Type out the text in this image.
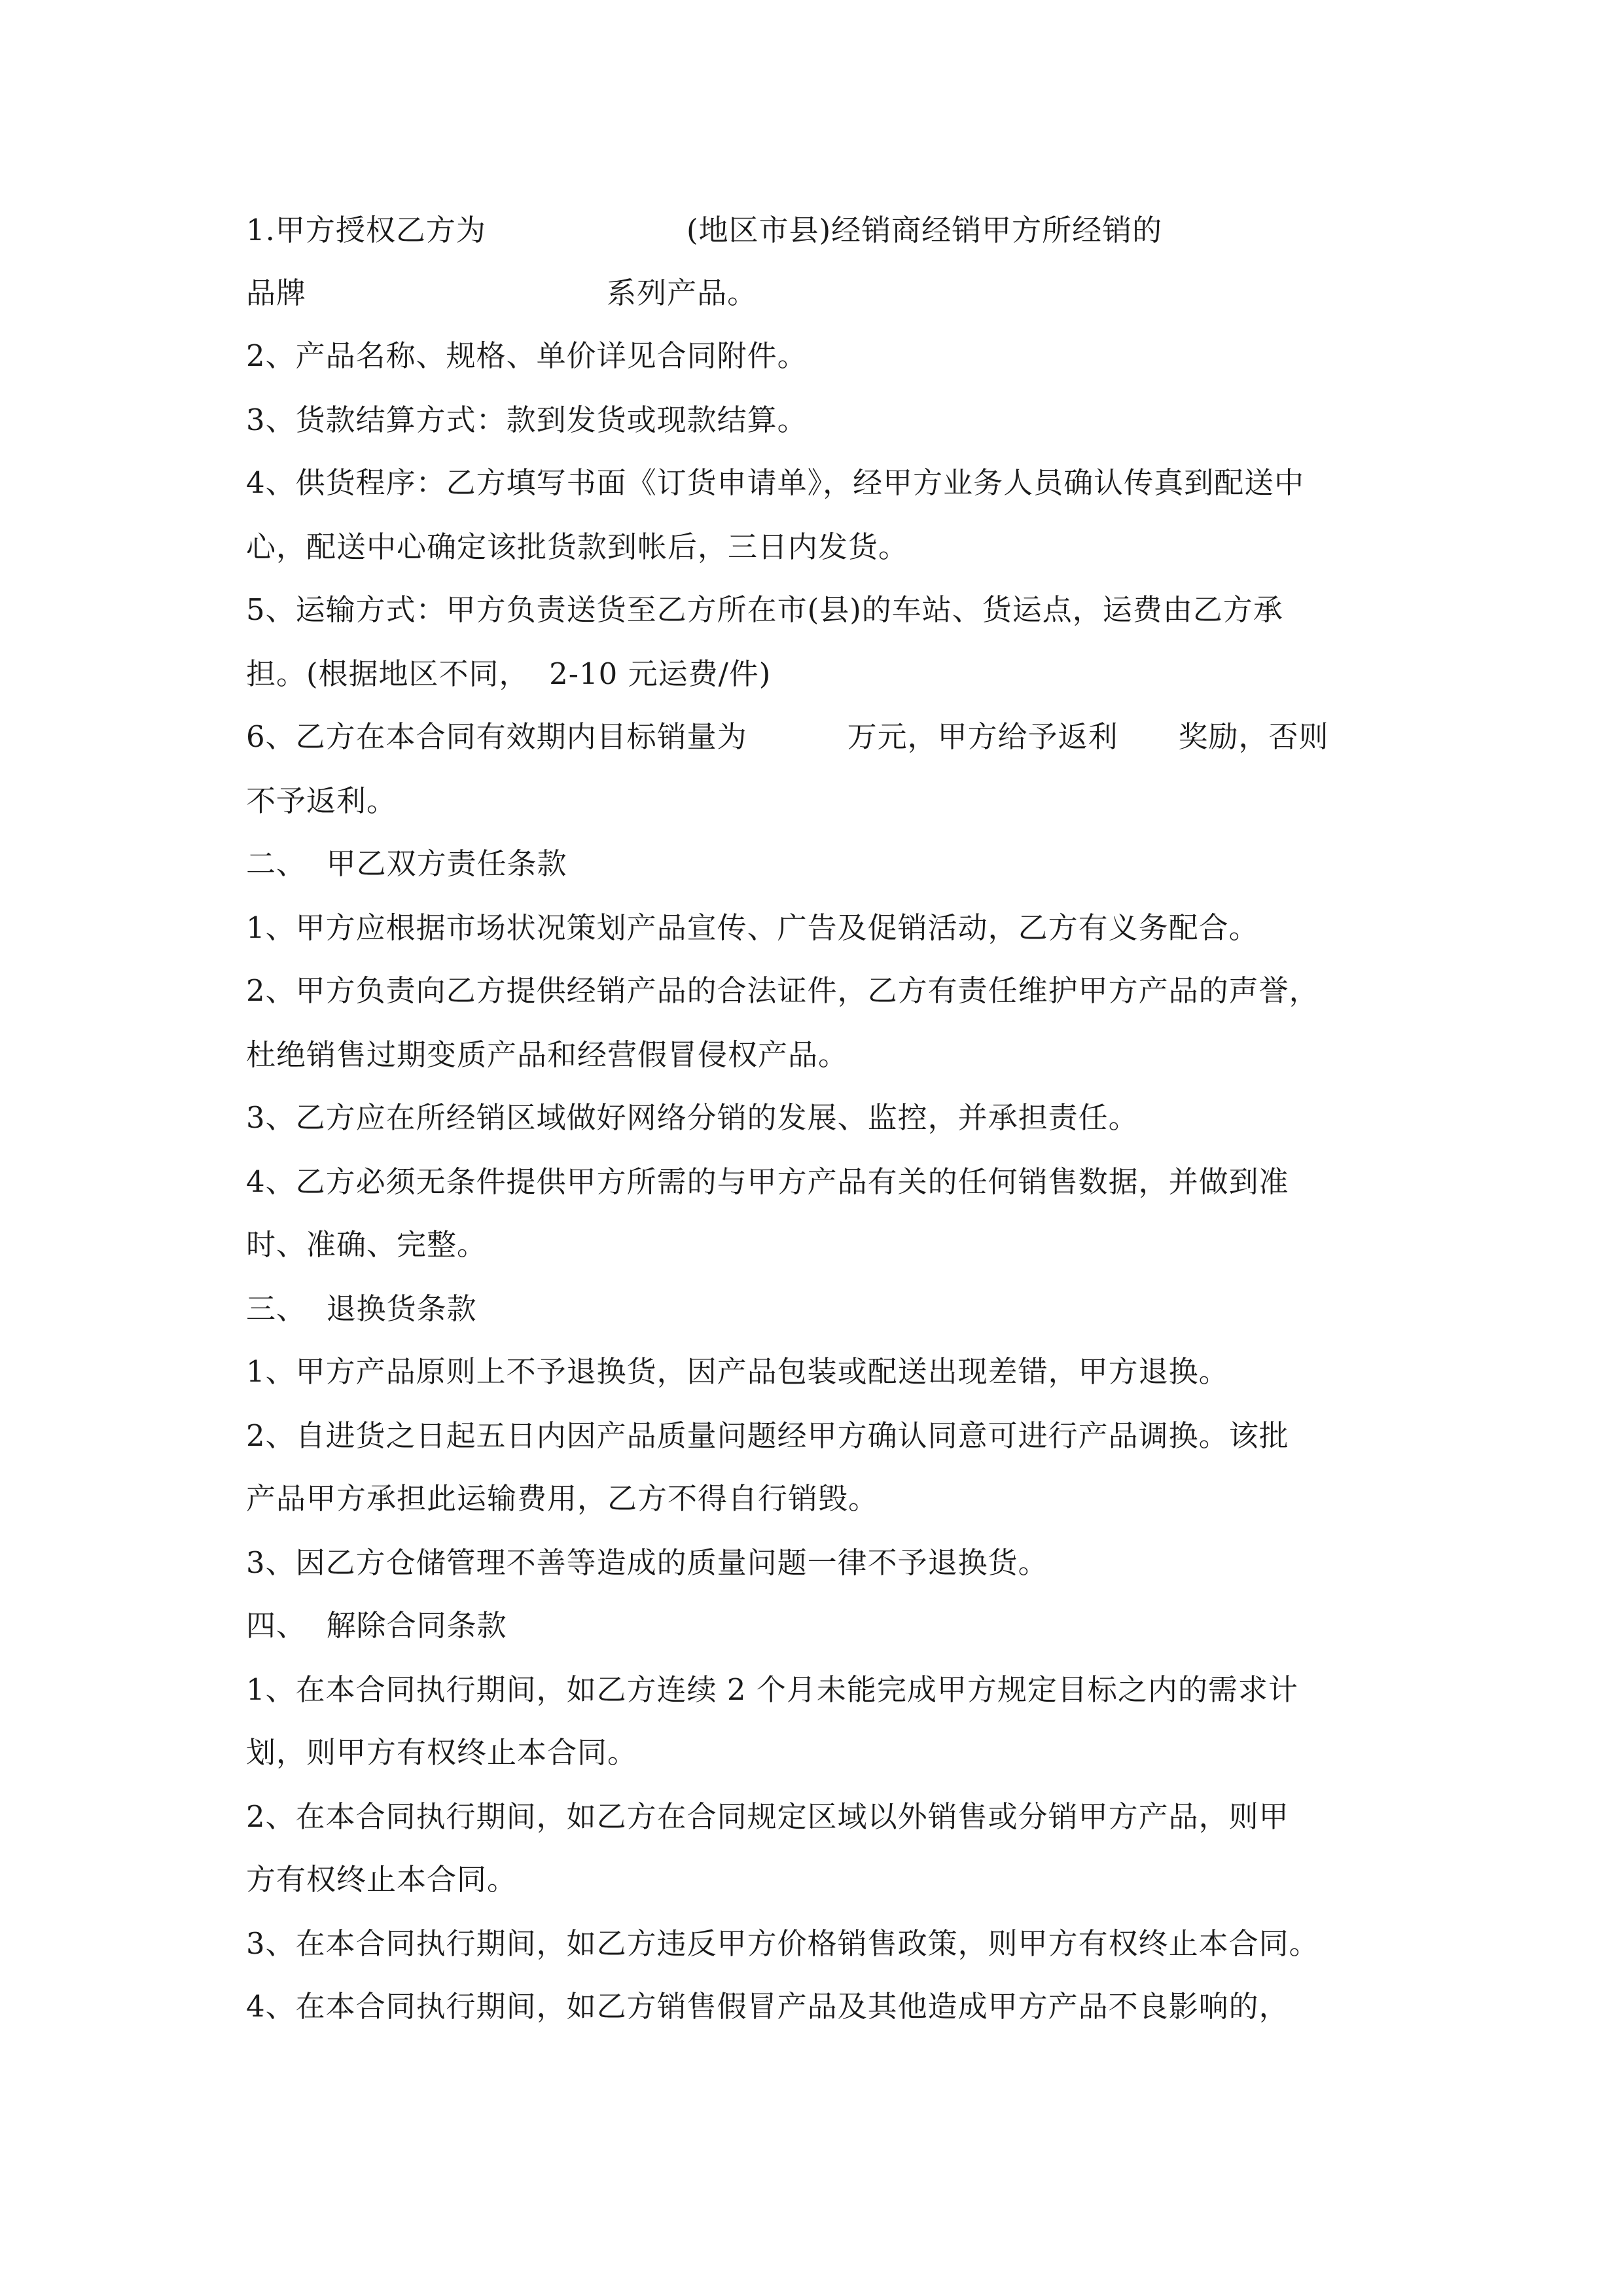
1.甲方授权乙方为                    (地区市县)经销商经销甲方所经销的
品牌                              系列产品。
2、产品名称、规格、单价详见合同附件。
3、货款结算方式：款到发货或现款结算。
4、供货程序：乙方填写书面《订货申请单》，经甲方业务人员确认传真到配送中
心，配送中心确定该批货款到帐后，三日内发货。
5、运输方式：甲方负责送货至乙方所在市(县)的车站、货运点，运费由乙方承
担。(根据地区不同，  2-10 元运费/件)
6、乙方在本合同有效期内目标销量为          万元，甲方给予返利      奖励，否则
不予返利。
二、  甲乙双方责任条款
1、甲方应根据市场状况策划产品宣传、广告及促销活动，乙方有义务配合。
2、甲方负责向乙方提供经销产品的合法证件，乙方有责任维护甲方产品的声誉，
杜绝销售过期变质产品和经营假冒侵权产品。
3、乙方应在所经销区域做好网络分销的发展、监控，并承担责任。
4、乙方必须无条件提供甲方所需的与甲方产品有关的任何销售数据，并做到准
时、准确、完整。
三、  退换货条款
1、甲方产品原则上不予退换货，因产品包装或配送出现差错，甲方退换。
2、自进货之日起五日内因产品质量问题经甲方确认同意可进行产品调换。该批
产品甲方承担此运输费用，乙方不得自行销毁。
3、因乙方仓储管理不善等造成的质量问题一律不予退换货。
四、  解除合同条款
1、在本合同执行期间，如乙方连续 2 个月未能完成甲方规定目标之内的需求计
划，则甲方有权终止本合同。
2、在本合同执行期间，如乙方在合同规定区域以外销售或分销甲方产品，则甲
方有权终止本合同。
3、在本合同执行期间，如乙方违反甲方价格销售政策，则甲方有权终止本合同。
4、在本合同执行期间，如乙方销售假冒产品及其他造成甲方产品不良影响的，
